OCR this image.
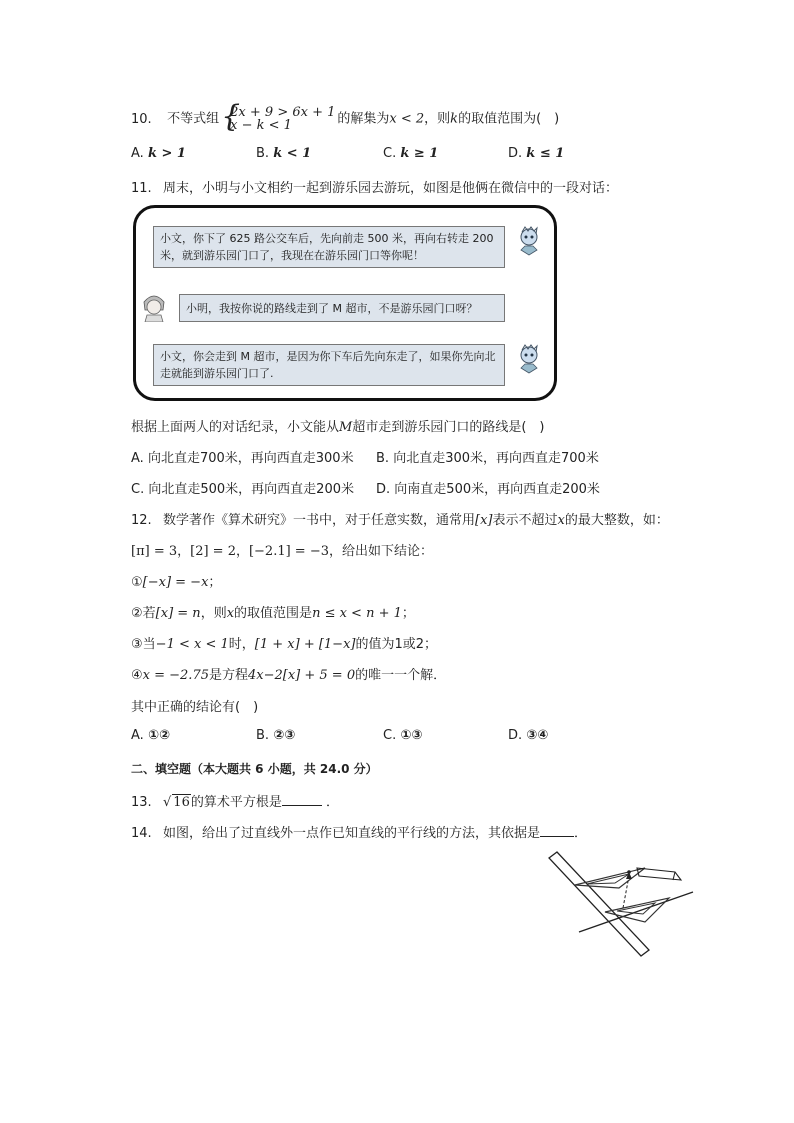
10. 不等式组 {
2x + 9 > 6x + 1
x − k < 1	的解集为x < 2，则k的取值范围为(　)
A. k > 1	B. k < 1	C. k ≥ 1	D. k ≤ 1
11. 周末，小明与小文相约一起到游乐园去游玩，如图是他俩在微信中的一段对话：
小文，你下了 625 路公交车后，先向前走 500 米，再向右转走 200 米，就到游乐园门口了，我现在在游乐园门口等你呢！
小明，我按你说的路线走到了 M 超市，不是游乐园门口呀？
小文，你会走到 M 超市，是因为你下车后先向东走了，如果你先向北走就能到游乐园门口了.
根据上面两人的对话纪录，小文能从M超市走到游乐园门口的路线是(　)
A. 向北直走700米，再向西直走300米 B. 向北直走300米，再向西直走700米
C. 向北直走500米，再向西直走200米 D. 向南直走500米，再向西直走200米
12. 数学著作《算术研究》一书中，对于任意实数，通常用[x]表示不超过x的最大整数，如：
[π] = 3，[2] = 2，[−2.1] = −3，给出如下结论：
①[−x] = −x；
②若[x] = n，则x的取值范围是n ≤ x < n + 1；
③当−1 < x < 1时，[1 + x] + [1−x]的值为1或2；
④x = −2.75是方程4x−2[x] + 5 = 0的唯一一个解．
其中正确的结论有(　)
A. ①②	B. ②③	C. ①③	D. ③④
二、填空题（本大题共 6 小题，共 24.0 分）
13. √ 16的算术平方根是	．
14. 如图，给出了过直线外一点作已知直线的平行线的方法，其依据是	．
